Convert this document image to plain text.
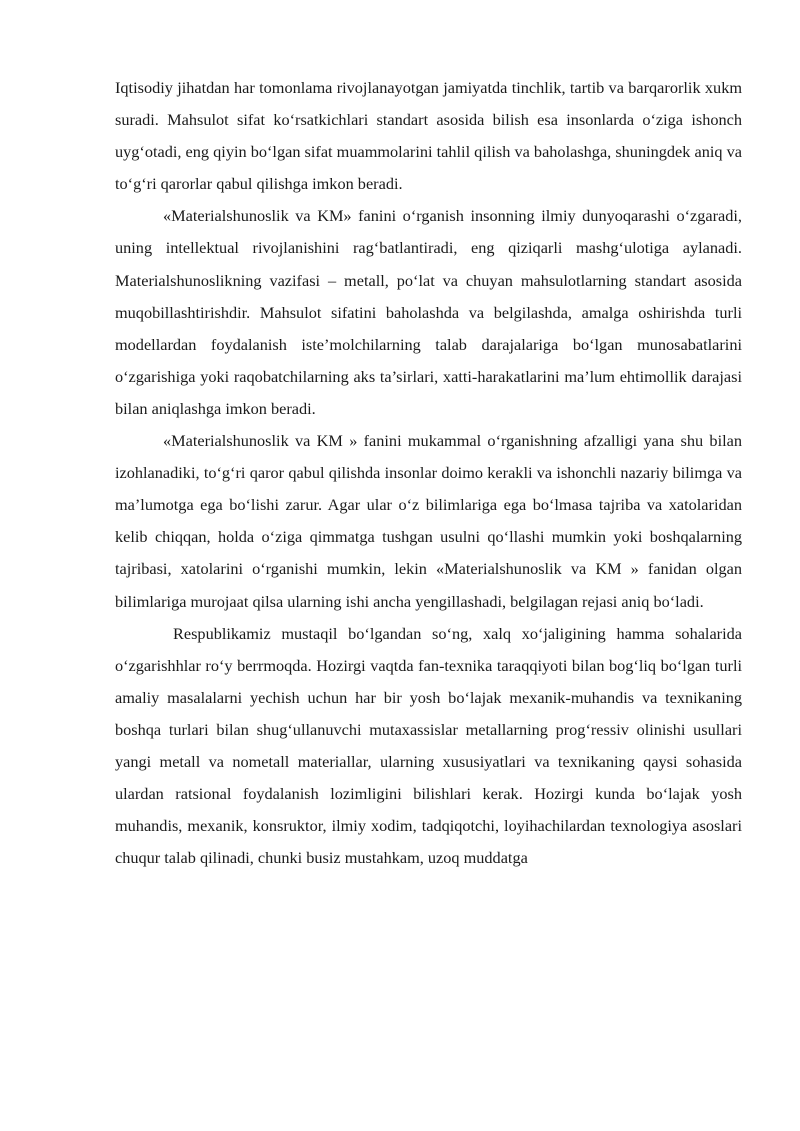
Iqtisodiy jihatdan har tomonlama rivojlanayotgan jamiyatda tinchlik, tartib va barqarorlik xukm suradi. Mahsulot sifat ko‘rsatkichlari standart asosida bilish esa insonlarda o‘ziga ishonch uyg‘otadi, eng qiyin bo‘lgan sifat muammolarini tahlil qilish va baholashga, shuningdek aniq va to‘g‘ri qarorlar qabul qilishga imkon beradi.

«Materialshunoslik va KM» fanini o‘rganish insonning ilmiy dunyoqarashi o‘zgaradi, uning intellektual rivojlanishini rag‘batlantiradi, eng qiziqarli mashg‘ulotiga aylanadi. Materialshunoslikning vazifasi – metall, po‘lat va chuyan mahsulotlarning standart asosida muqobillashtirishdir. Mahsulot sifatini baholashda va belgilashda, amalga oshirishda turli modellardan foydalanish iste’molchilarning talab darajalariga bo‘lgan munosabatlarini o‘zgarishiga yoki raqobatchilarning aks ta’sirlari, xatti-harakatlarini ma’lum ehtimollik darajasi bilan aniqlashga imkon beradi.

«Materialshunoslik va KM » fanini mukammal o‘rganishning afzalligi yana shu bilan izohlanadiki, to‘g‘ri qaror qabul qilishda insonlar doimo kerakli va ishonchli nazariy bilimga va ma’lumotga ega bo‘lishi zarur. Agar ular o‘z bilimlariga ega bo‘lmasa tajriba va xatolaridan kelib chiqqan, holda o‘ziga qimmatga tushgan usulni qo‘llashi mumkin yoki boshqalarning tajribasi, xatolarini o‘rganishi mumkin, lekin «Materialshunoslik va KM » fanidan olgan bilimlariga murojaat qilsa ularning ishi ancha yengillashadi, belgilagan rejasi aniq bo‘ladi.

Respublikamiz mustaqil bo‘lgandan so‘ng, xalq xo‘jaligining hamma sohalarida o‘zgarishhlar ro‘y berrmoqda. Hozirgi vaqtda fan-texnika taraqqiyoti bilan bog‘liq bo‘lgan turli amaliy masalalarni yechish uchun har bir yosh bo‘lajak mexanik-muhandis va texnikaning boshqa turlari bilan shug‘ullanuvchi mutaxassislar metallarning prog‘ressiv olinishi usullari yangi metall va nometall materiallar, ularning xususiyatlari va texnikaning qaysi sohasida ulardan ratsional foydalanish lozimligini bilishlari kerak. Hozirgi kunda bo‘lajak yosh muhandis, mexanik, konsruktor, ilmiy xodim, tadqiqotchi, loyihachilardan texnologiya asoslari chuqur talab qilinadi, chunki busiz mustahkam, uzoq muddatga
